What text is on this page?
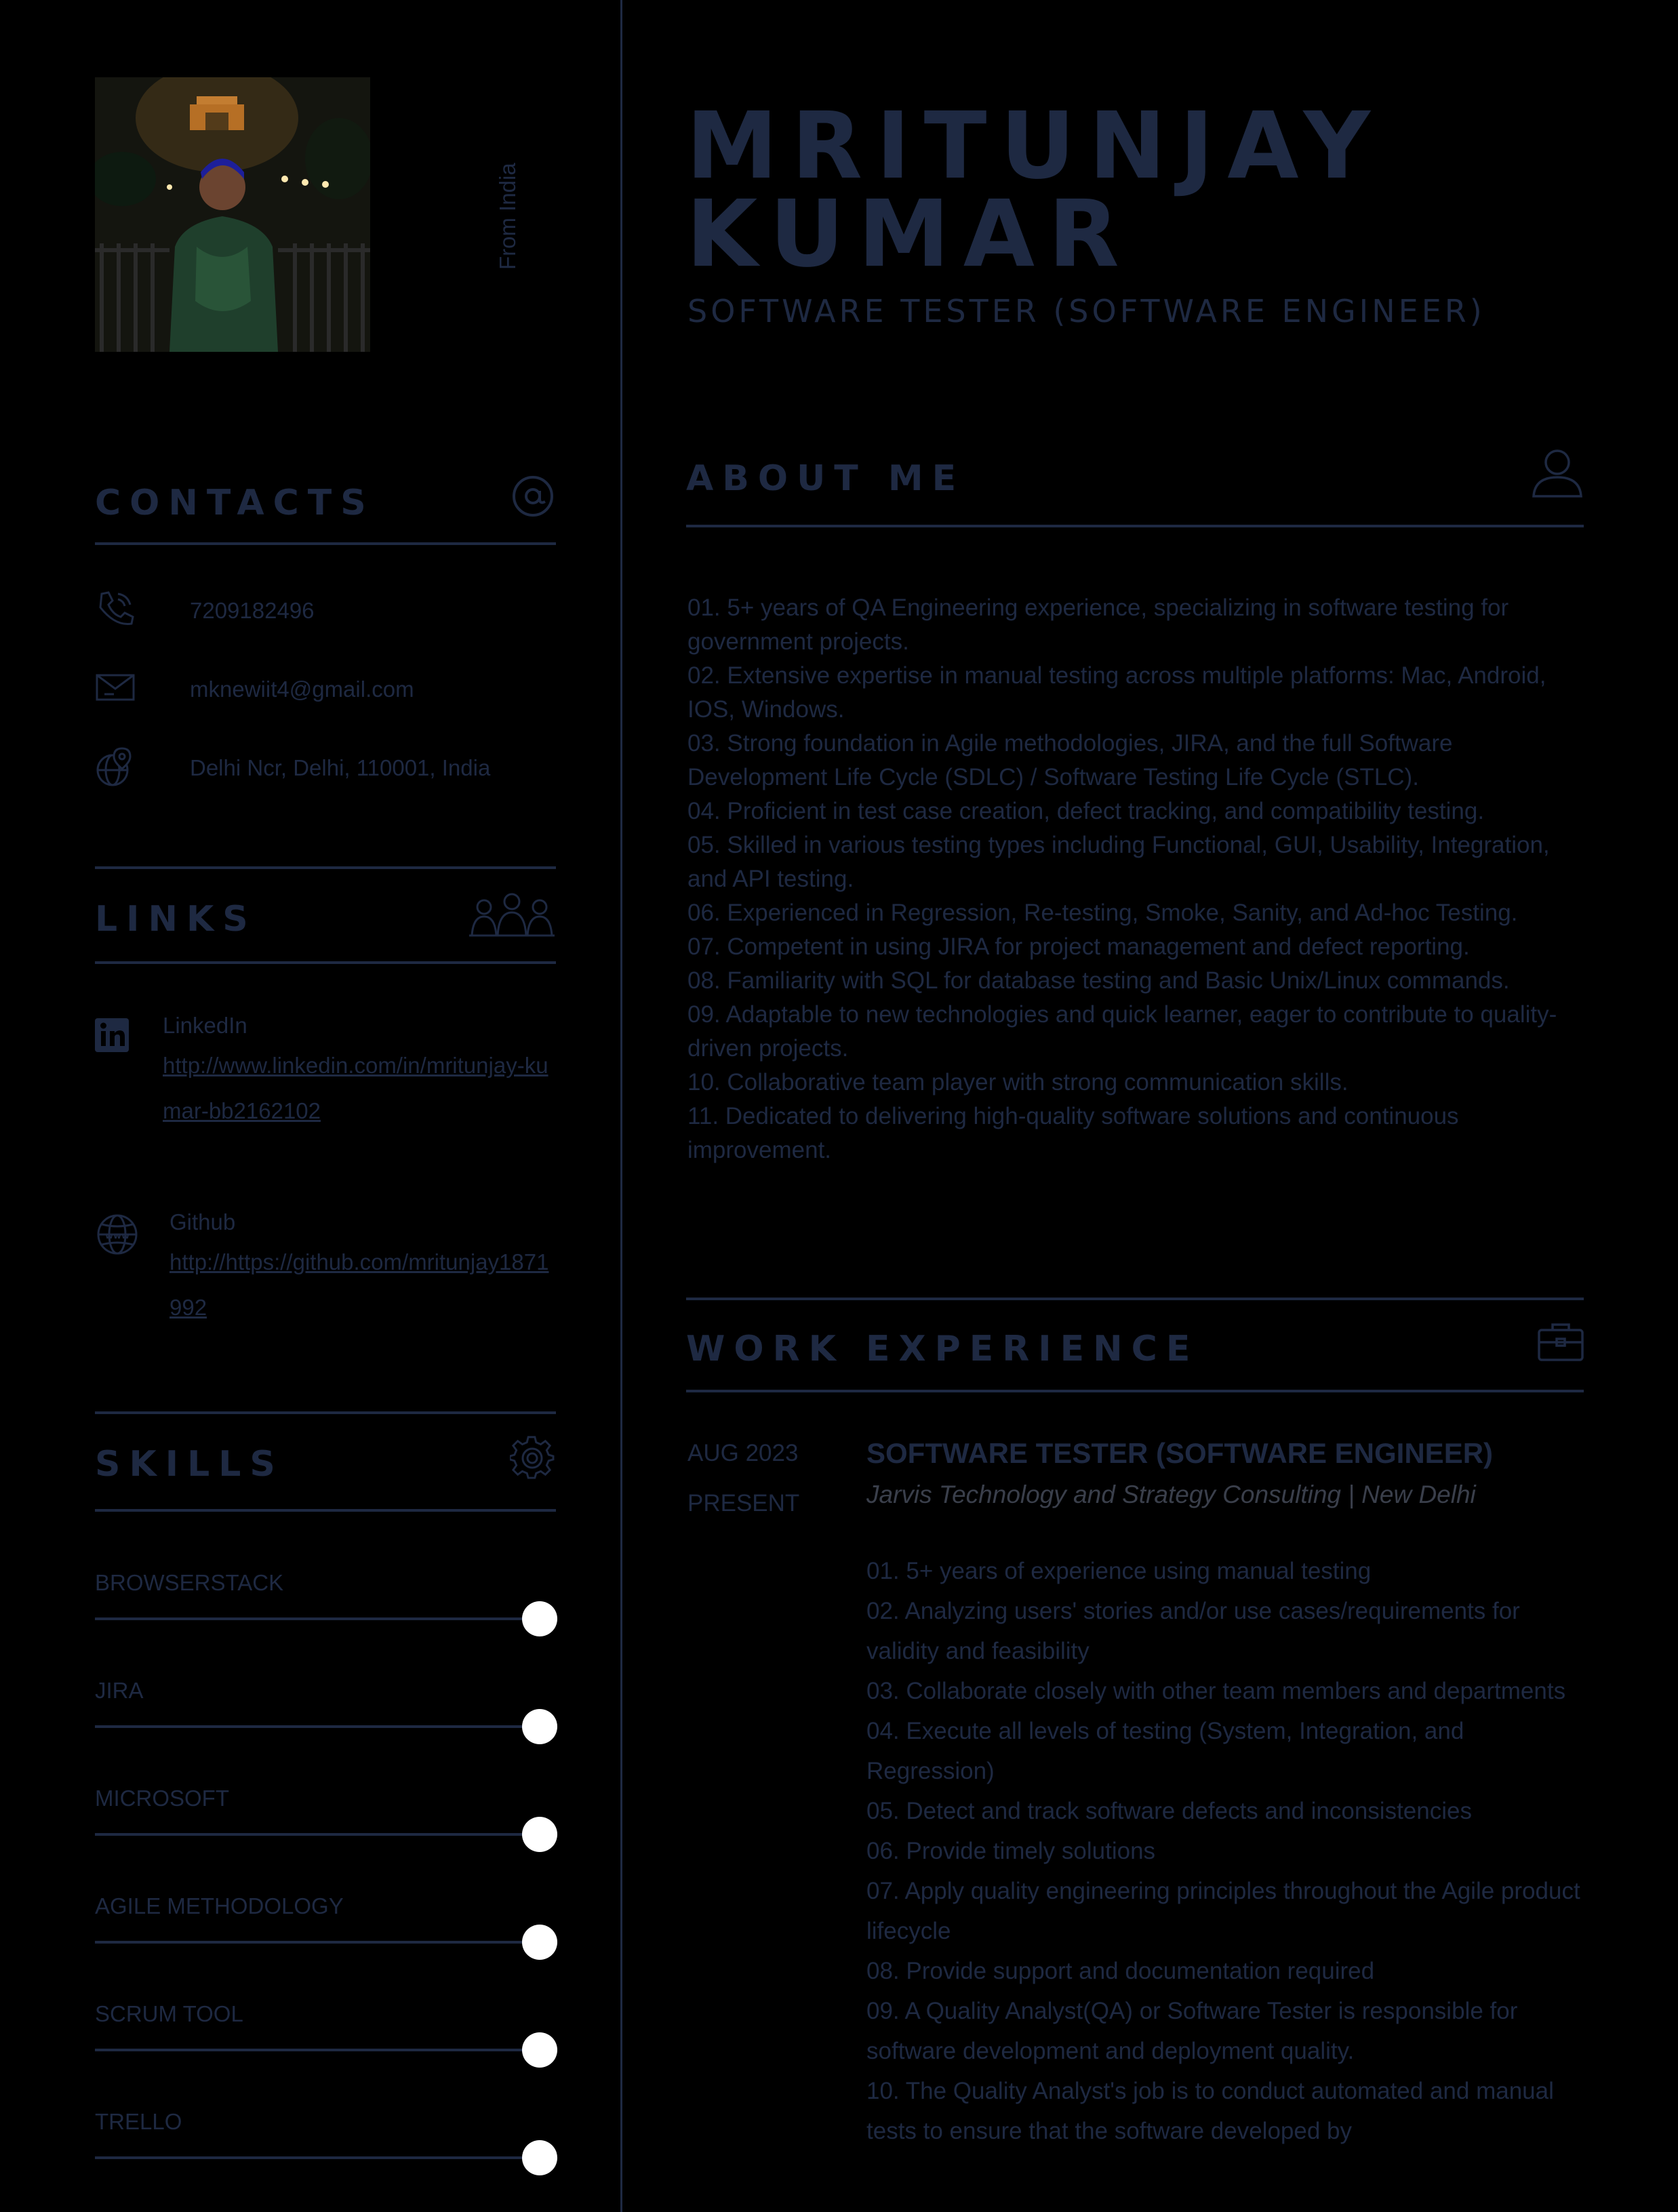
From India
CONTACTS
7209182496
mknewiit4@gmail.com
Delhi Ncr, Delhi, 110001, India
LINKS
LinkedIn
http://www.linkedin.com/in/mritunjay-kumar-bb2162102
www
Github
http://https://github.com/mritunjay1871992
SKILLS
BROWSERSTACK
JIRA
MICROSOFT
AGILE METHODOLOGY
SCRUM TOOL
TRELLO
MRITUNJAY
KUMAR
SOFTWARE TESTER (SOFTWARE ENGINEER)
ABOUT ME
01. 5+ years of QA Engineering experience, specializing in software testing for government projects.
02. Extensive expertise in manual testing across multiple platforms: Mac, Android, IOS, Windows.
03. Strong foundation in Agile methodologies, JIRA, and the full Software Development Life Cycle (SDLC) / Software Testing Life Cycle (STLC).
04. Proficient in test case creation, defect tracking, and compatibility testing.
05. Skilled in various testing types including Functional, GUI, Usability, Integration, and API testing.
06. Experienced in Regression, Re-testing, Smoke, Sanity, and Ad-hoc Testing.
07. Competent in using JIRA for project management and defect reporting.
08. Familiarity with SQL for database testing and Basic Unix/Linux commands.
09. Adaptable to new technologies and quick learner, eager to contribute to quality-driven projects.
10. Collaborative team player with strong communication skills.
11. Dedicated to delivering high-quality software solutions and continuous improvement.
WORK EXPERIENCE
AUG 2023
PRESENT
SOFTWARE TESTER (SOFTWARE ENGINEER)
Jarvis Technology and Strategy Consulting | New Delhi
01. 5+ years of experience using manual testing
02. Analyzing users' stories and/or use cases/requirements for validity and feasibility
03. Collaborate closely with other team members and departments
04. Execute all levels of testing (System, Integration, and Regression)
05. Detect and track software defects and inconsistencies
06. Provide timely solutions
07. Apply quality engineering principles throughout the Agile product lifecycle
08. Provide support and documentation required
09. A Quality Analyst(QA) or Software Tester is responsible for software development and deployment quality.
10. The Quality Analyst's job is to conduct automated and manual tests to ensure that the software developed by
